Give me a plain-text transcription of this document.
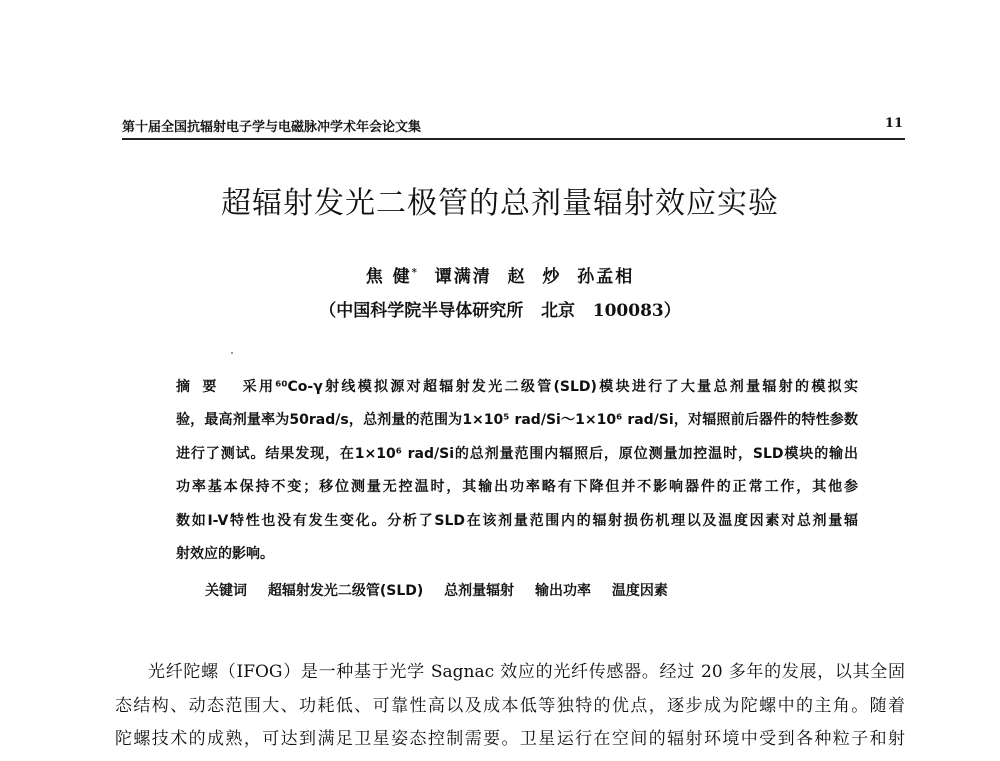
第十届全国抗辐射电子学与电磁脉冲学术年会论文集	11
超辐射发光二极管的总剂量辐射效应实验
焦 健* 谭满清  赵  炒  孙孟相
（中国科学院半导体研究所   北京   100083）
摘要 采用⁶⁰Co-γ射线模拟源对超辐射发光二级管(SLD)模块进行了大量总剂量辐射的模拟实
验，最高剂量率为50rad/s，总剂量的范围为1×10⁵ rad/Si～1×10⁶ rad/Si，对辐照前后器件的特性参数
进行了测试。结果发现，在1×10⁶ rad/Si的总剂量范围内辐照后，原位测量加控温时，SLD模块的输出
功率基本保持不变；移位测量无控温时，其输出功率略有下降但并不影响器件的正常工作，其他参
数如I-V特性也没有发生变化。分析了SLD在该剂量范围内的辐射损伤机理以及温度因素对总剂量辐
射效应的影响。
关键词 超辐射发光二级管(SLD) 总剂量辐射 输出功率 温度因素
光纤陀螺（IFOG）是一种基于光学 Sagnac 效应的光纤传感器。经过 20 多年的发展，以其全固
态结构、动态范围大、功耗低、可靠性高以及成本低等独特的优点，逐步成为陀螺中的主角。随着
陀螺技术的成熟，可达到满足卫星姿态控制需要。卫星运行在空间的辐射环境中受到各种粒子和射
